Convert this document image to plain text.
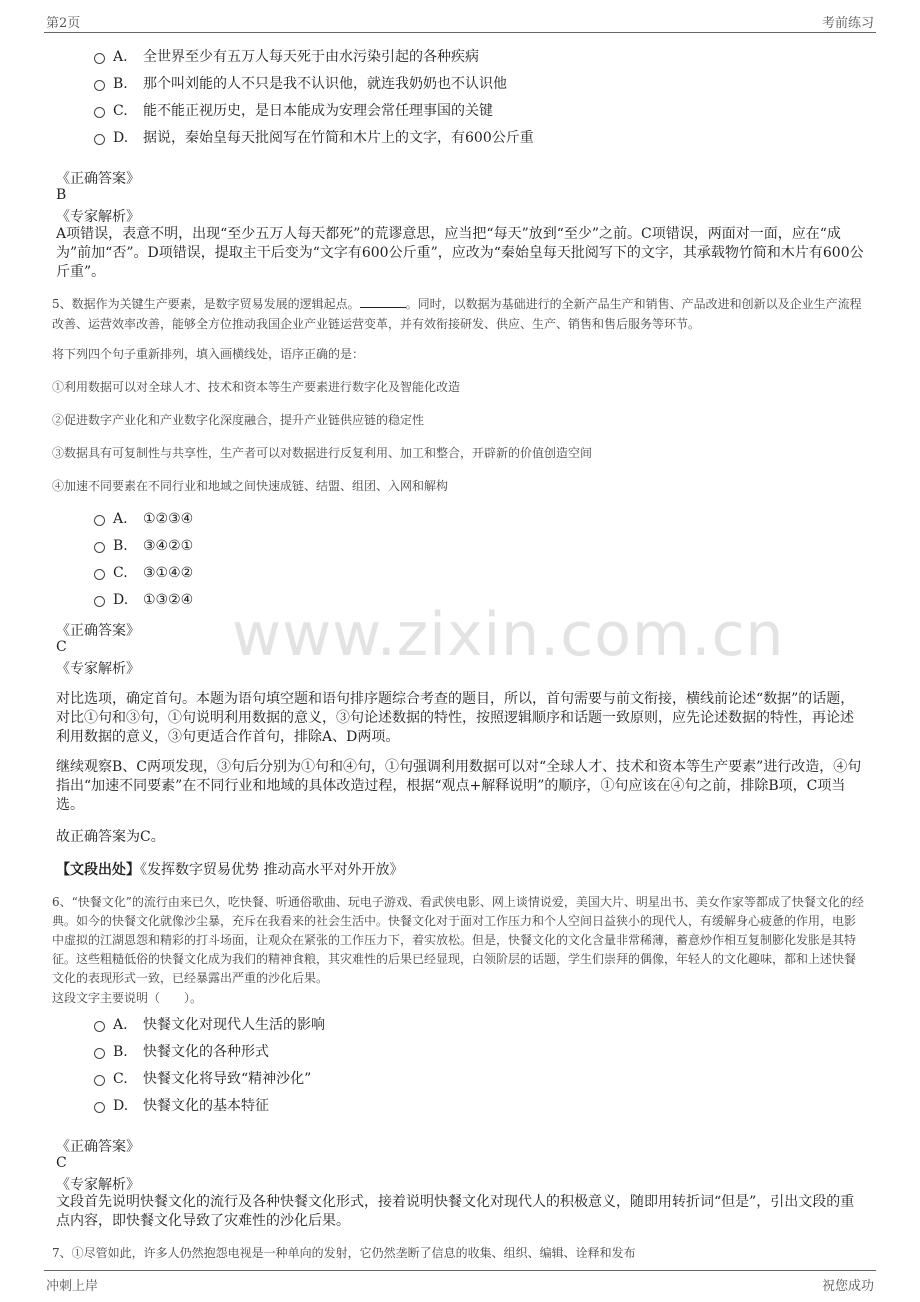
第2页	考前练习
www.zixin.com.cn
A. 全世界至少有五万人每天死于由水污染引起的各种疾病
B. 那个叫刘能的人不只是我不认识他，就连我奶奶也不认识他
C. 能不能正视历史，是日本能成为安理会常任理事国的关键
D. 据说，秦始皇每天批阅写在竹简和木片上的文字，有600公斤重
《正确答案》
B
《专家解析》
A项错误，表意不明，出现“至少五万人每天都死”的荒谬意思，应当把“每天”放到“至少”之前。C项错误，两面对一面，应在“成为”前加“否”。D项错误，提取主干后变为“文字有600公斤重”，应改为“秦始皇每天批阅写下的文字，其承载物竹简和木片有600公斤重”。
5、数据作为关键生产要素，是数字贸易发展的逻辑起点。	。同时，以数据为基础进行的全新产品生产和销售、产品改进和创新以及企业生产流程改善、运营效率改善，能够全方位推动我国企业产业链运营变革，并有效衔接研发、供应、生产、销售和售后服务等环节。
将下列四个句子重新排列，填入画横线处，语序正确的是：
①利用数据可以对全球人才、技术和资本等生产要素进行数字化及智能化改造
②促进数字产业化和产业数字化深度融合，提升产业链供应链的稳定性
③数据具有可复制性与共享性，生产者可以对数据进行反复利用、加工和整合，开辟新的价值创造空间
④加速不同要素在不同行业和地域之间快速成链、结盟、组团、入网和解构
A. ①②③④
B. ③④②①
C. ③①④②
D. ①③②④
《正确答案》
C
《专家解析》
对比选项，确定首句。本题为语句填空题和语句排序题综合考查的题目，所以，首句需要与前文衔接，横线前论述“数据”的话题，对比①句和③句，①句说明利用数据的意义，③句论述数据的特性，按照逻辑顺序和话题一致原则，应先论述数据的特性，再论述利用数据的意义，③句更适合作首句，排除A、D两项。
继续观察B、C两项发现，③句后分别为①句和④句，①句强调利用数据可以对“全球人才、技术和资本等生产要素”进行改造，④句指出“加速不同要素”在不同行业和地域的具体改造过程，根据“观点+解释说明”的顺序，①句应该在④句之前，排除B项，C项当选。
故正确答案为C。
【文段出处】《发挥数字贸易优势 推动高水平对外开放》
6、“快餐文化”的流行由来已久，吃快餐、听通俗歌曲、玩电子游戏、看武侠电影、网上谈情说爱，美国大片、明星出书、美女作家等都成了快餐文化的经典。如今的快餐文化就像沙尘暴，充斥在我看来的社会生活中。快餐文化对于面对工作压力和个人空间日益狭小的现代人，有缓解身心疲惫的作用，电影中虚拟的江湖恩怨和精彩的打斗场面，让观众在紧张的工作压力下，着实放松。但是，快餐文化的文化含量非常稀薄，蓄意炒作相互复制膨化发胀是其特征。这些粗糙低俗的快餐文化成为我们的精神食粮，其灾难性的后果已经显现，白领阶层的话题，学生们崇拜的偶像，年轻人的文化趣味，都和上述快餐文化的表现形式一致，已经暴露出严重的沙化后果。
这段文字主要说明（　　）。
A. 快餐文化对现代人生活的影响
B. 快餐文化的各种形式
C. 快餐文化将导致“精神沙化”
D. 快餐文化的基本特征
《正确答案》
C
《专家解析》
文段首先说明快餐文化的流行及各种快餐文化形式，接着说明快餐文化对现代人的积极意义，随即用转折词“但是”，引出文段的重点内容，即快餐文化导致了灾难性的沙化后果。
7、①尽管如此，许多人仍然抱怨电视是一种单向的发射，它仍然垄断了信息的收集、组织、编辑、诠释和发布
冲刺上岸	祝您成功
